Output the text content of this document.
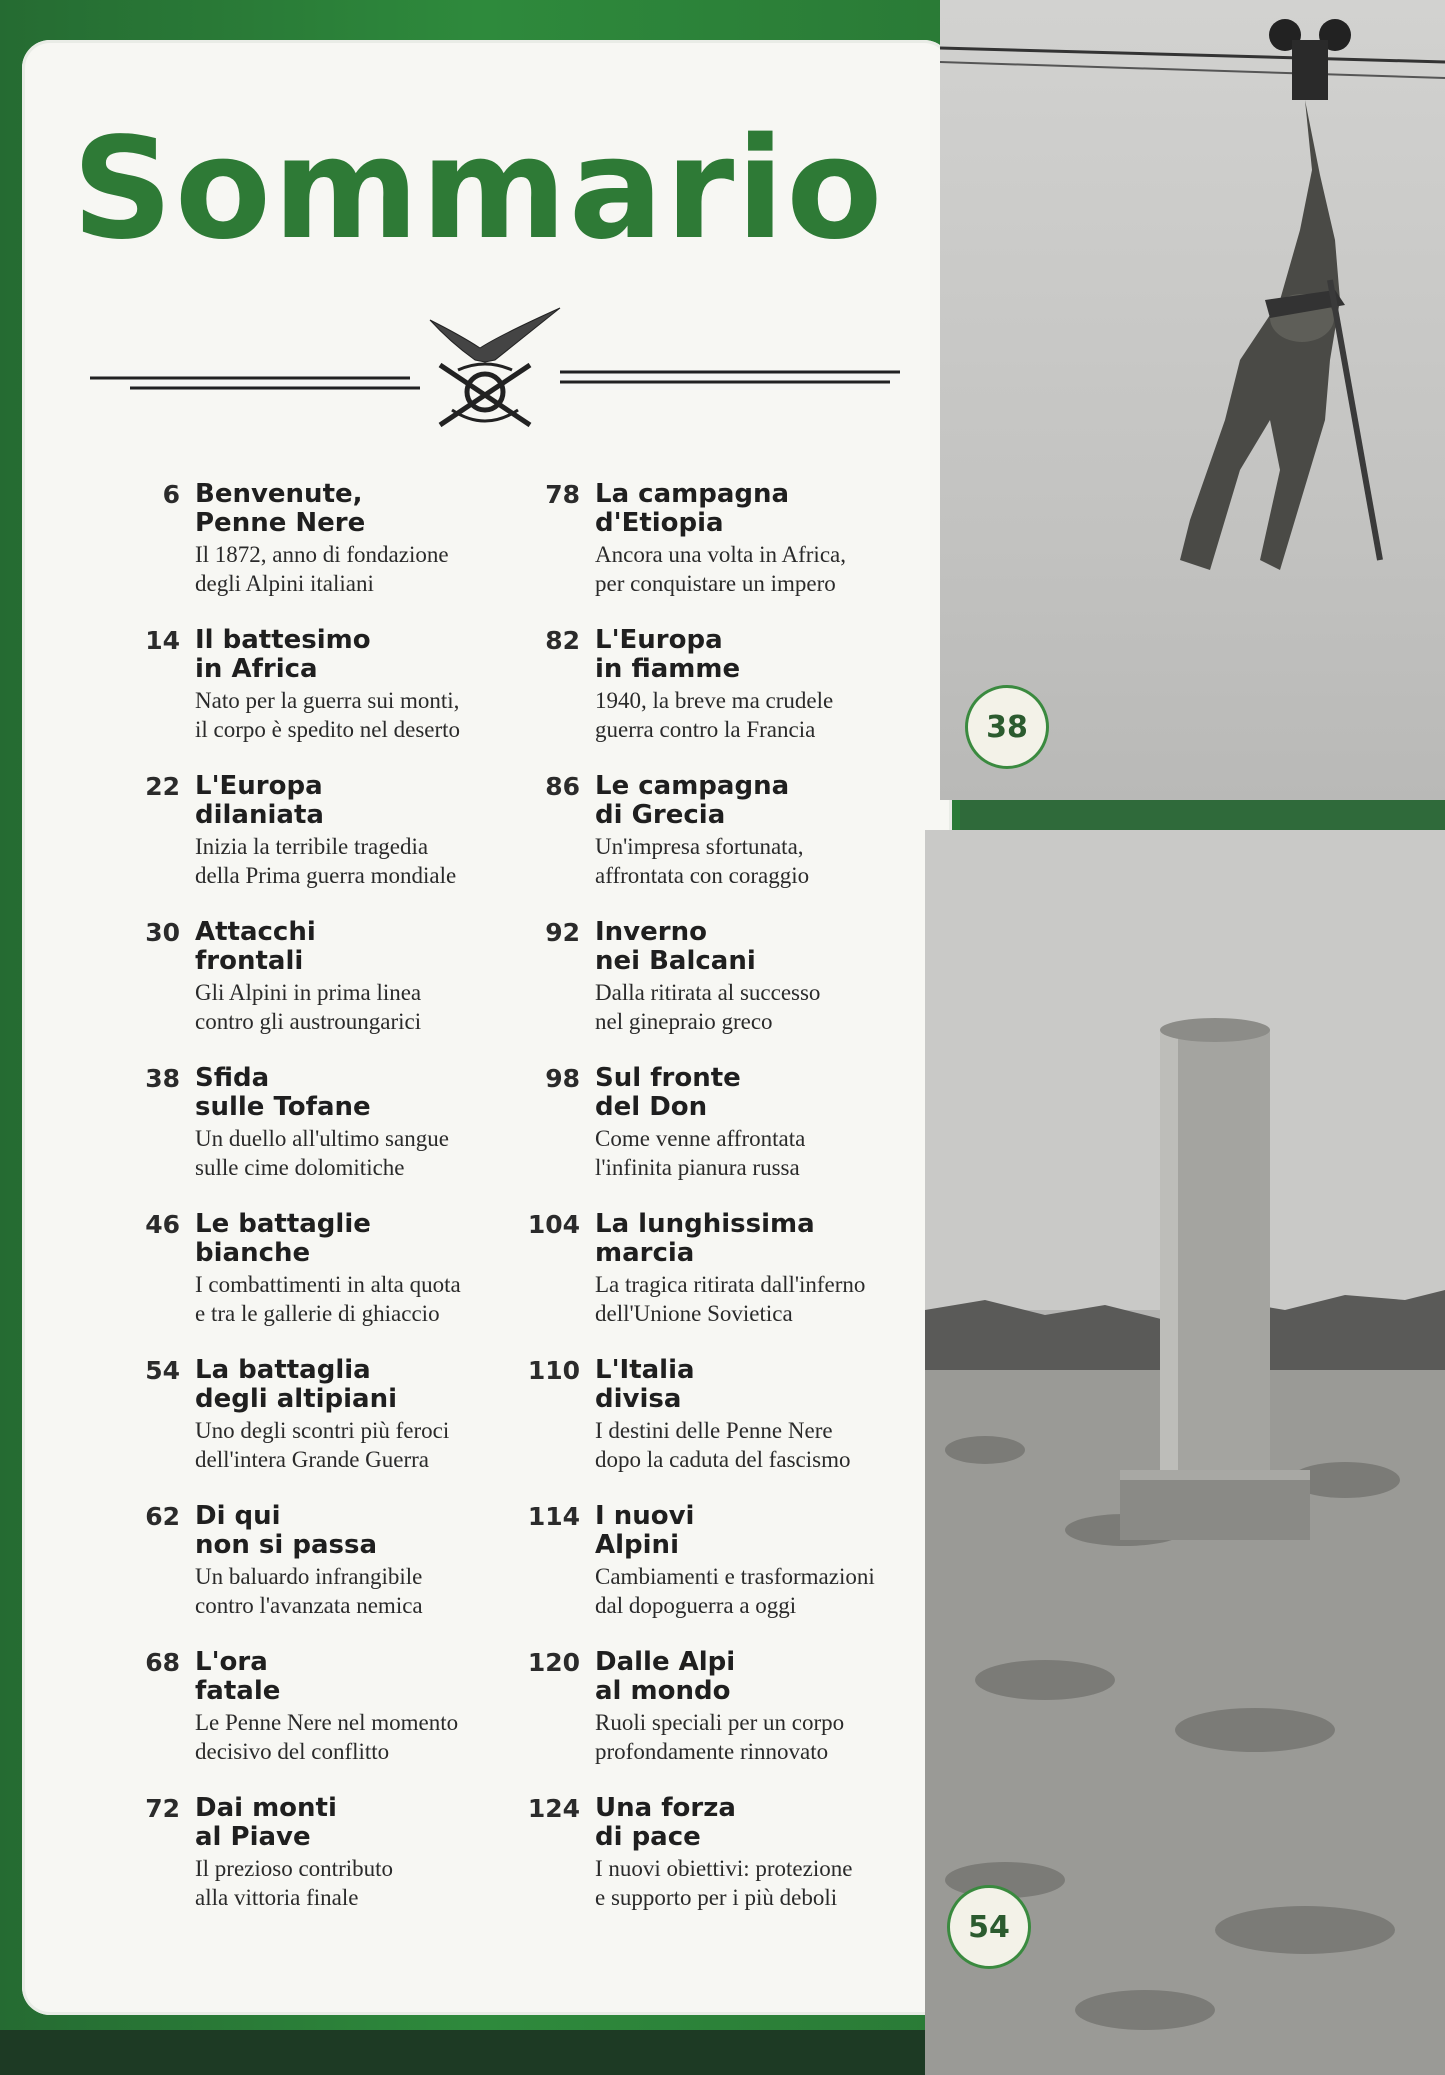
Sommario
6 Benvenute,
Penne Nere
Il 1872, anno di fondazione
degli Alpini italiani
14 Il battesimo
in Africa
Nato per la guerra sui monti,
il corpo è spedito nel deserto
22 L'Europa
dilaniata
Inizia la terribile tragedia
della Prima guerra mondiale
30 Attacchi
frontali
Gli Alpini in prima linea
contro gli austroungarici
38 Sfida
sulle Tofane
Un duello all'ultimo sangue
sulle cime dolomitiche
46 Le battaglie
bianche
I combattimenti in alta quota
e tra le gallerie di ghiaccio
54 La battaglia
degli altipiani
Uno degli scontri più feroci
dell'intera Grande Guerra
62 Di qui
non si passa
Un baluardo infrangibile
contro l'avanzata nemica
68 L'ora
fatale
Le Penne Nere nel momento
decisivo del conflitto
72 Dai monti
al Piave
Il prezioso contributo
alla vittoria finale
78 La campagna
d'Etiopia
Ancora una volta in Africa,
per conquistare un impero
82 L'Europa
in fiamme
1940, la breve ma crudele
guerra contro la Francia
86 Le campagna
di Grecia
Un'impresa sfortunata,
affrontata con coraggio
92 Inverno
nei Balcani
Dalla ritirata al successo
nel ginepraio greco
98 Sul fronte
del Don
Come venne affrontata
l'infinita pianura russa
104 La lunghissima
marcia
La tragica ritirata dall'inferno
dell'Unione Sovietica
110 L'Italia
divisa
I destini delle Penne Nere
dopo la caduta del fascismo
114 I nuovi
Alpini
Cambiamenti e trasformazioni
dal dopoguerra a oggi
120 Dalle Alpi
al mondo
Ruoli speciali per un corpo
profondamente rinnovato
124 Una forza
di pace
I nuovi obiettivi: protezione
e supporto per i più deboli
38
54
